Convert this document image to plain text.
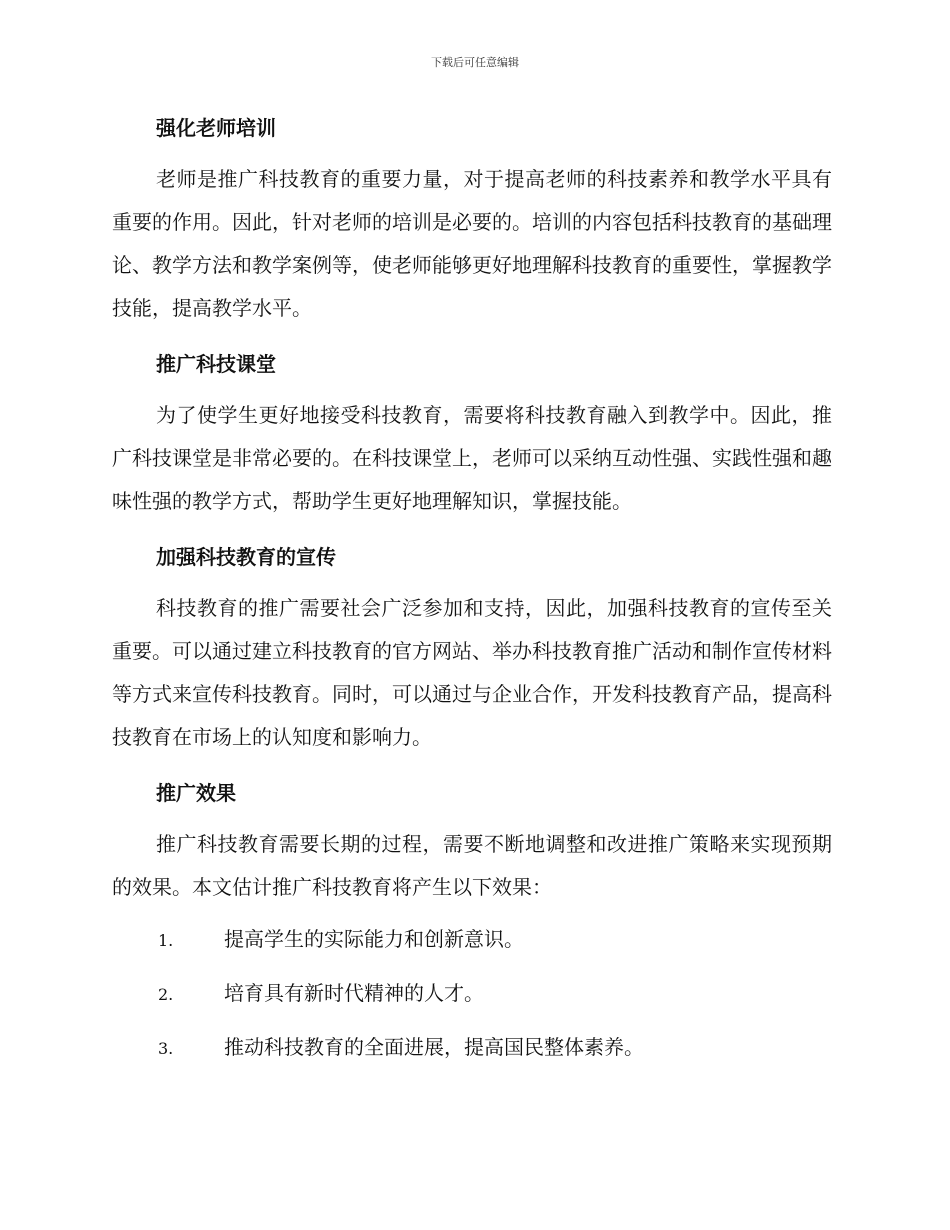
下载后可任意编辑
强化老师培训

老师是推广科技教育的重要力量，对于提高老师的科技素养和教学水平具有重要的作用。因此，针对老师的培训是必要的。培训的内容包括科技教育的基础理论、教学方法和教学案例等，使老师能够更好地理解科技教育的重要性，掌握教学技能，提高教学水平。

推广科技课堂

为了使学生更好地接受科技教育，需要将科技教育融入到教学中。因此，推广科技课堂是非常必要的。在科技课堂上，老师可以采纳互动性强、实践性强和趣味性强的教学方式，帮助学生更好地理解知识，掌握技能。

加强科技教育的宣传

科技教育的推广需要社会广泛参加和支持，因此，加强科技教育的宣传至关重要。可以通过建立科技教育的官方网站、举办科技教育推广活动和制作宣传材料等方式来宣传科技教育。同时，可以通过与企业合作，开发科技教育产品，提高科技教育在市场上的认知度和影响力。

推广效果

推广科技教育需要长期的过程，需要不断地调整和改进推广策略来实现预期的效果。本文估计推广科技教育将产生以下效果：

1.	提高学生的实际能力和创新意识。
2.	培育具有新时代精神的人才。
3.	推动科技教育的全面进展，提高国民整体素养。
